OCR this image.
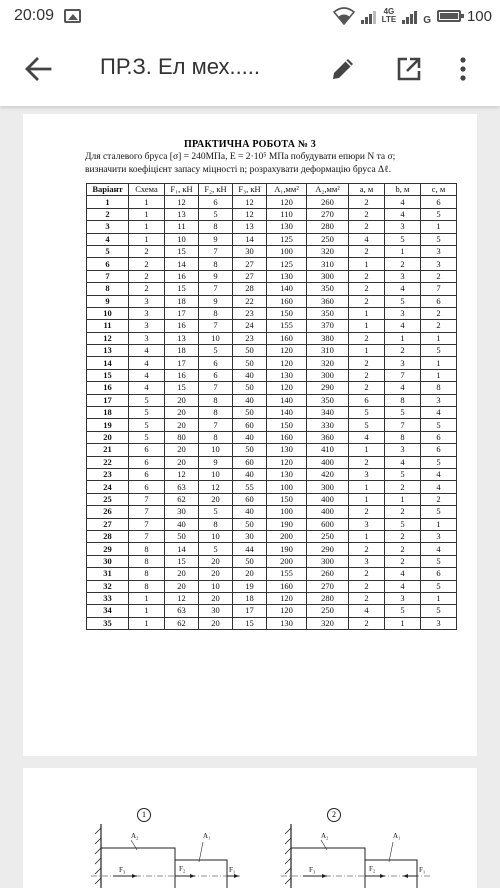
20:09	4G
LTE	G 100
ПР.З. Ел мех.....
ПРАКТИЧНА РОБОТА № 3
Для сталевого бруса [σ] = 240МПа, Е = 2·10⁵ МПа побудувати епюри N та σ;
визначити коефіцієнт запасу міцності n; розрахувати деформацію бруса Δℓ.
Варіант	Схема	F₁, кН	F₂, кН	F₃, кН	A₁,мм²	A₂,мм²	a, м	b, м	c, м
1	1	12	6	12	120	260	2	4	6
2	1	13	5	12	110	270	2	4	5
3	1	11	8	13	130	280	2	3	1
4	1	10	9	14	125	250	4	5	5
5	2	15	7	30	100	320	2	1	3
6	2	14	8	27	125	310	1	2	3
7	2	16	9	27	130	300	2	3	2
8	2	15	7	28	140	350	2	4	7
9	3	18	9	22	160	360	2	5	6
10	3	17	8	23	150	350	1	3	2
11	3	16	7	24	155	370	1	4	2
12	3	13	10	23	160	380	2	1	1
13	4	18	5	50	120	310	1	2	5
14	4	17	6	50	120	320	2	3	1
15	4	16	6	40	130	300	2	7	1
16	4	15	7	50	120	290	2	4	8
17	5	20	8	40	140	350	6	8	3
18	5	20	8	50	140	340	5	5	4
19	5	20	7	60	150	330	5	7	5
20	5	80	8	40	160	360	4	8	6
21	6	20	10	50	130	410	1	3	6
22	6	20	9	60	120	400	2	4	5
23	6	12	10	40	130	420	3	5	4
24	6	63	12	55	100	300	1	2	4
25	7	62	20	60	150	400	1	1	2
26	7	30	5	40	100	400	2	2	5
27	7	40	8	50	190	600	3	5	1
28	7	50	10	30	200	250	1	2	3
29	8	14	5	44	190	290	2	2	4
30	8	15	20	50	200	300	3	2	5
31	8	20	20	20	155	260	2	4	6
32	8	20	10	19	160	270	2	4	5
33	1	12	20	18	120	280	2	3	1
34	1	63	30	17	120	250	4	5	5
35	1	62	20	15	130	320	2	1	3
1
A₂	A₁
F₃	F₂	F₁
2
A₂	A₁
F₃	F₂	F₁
